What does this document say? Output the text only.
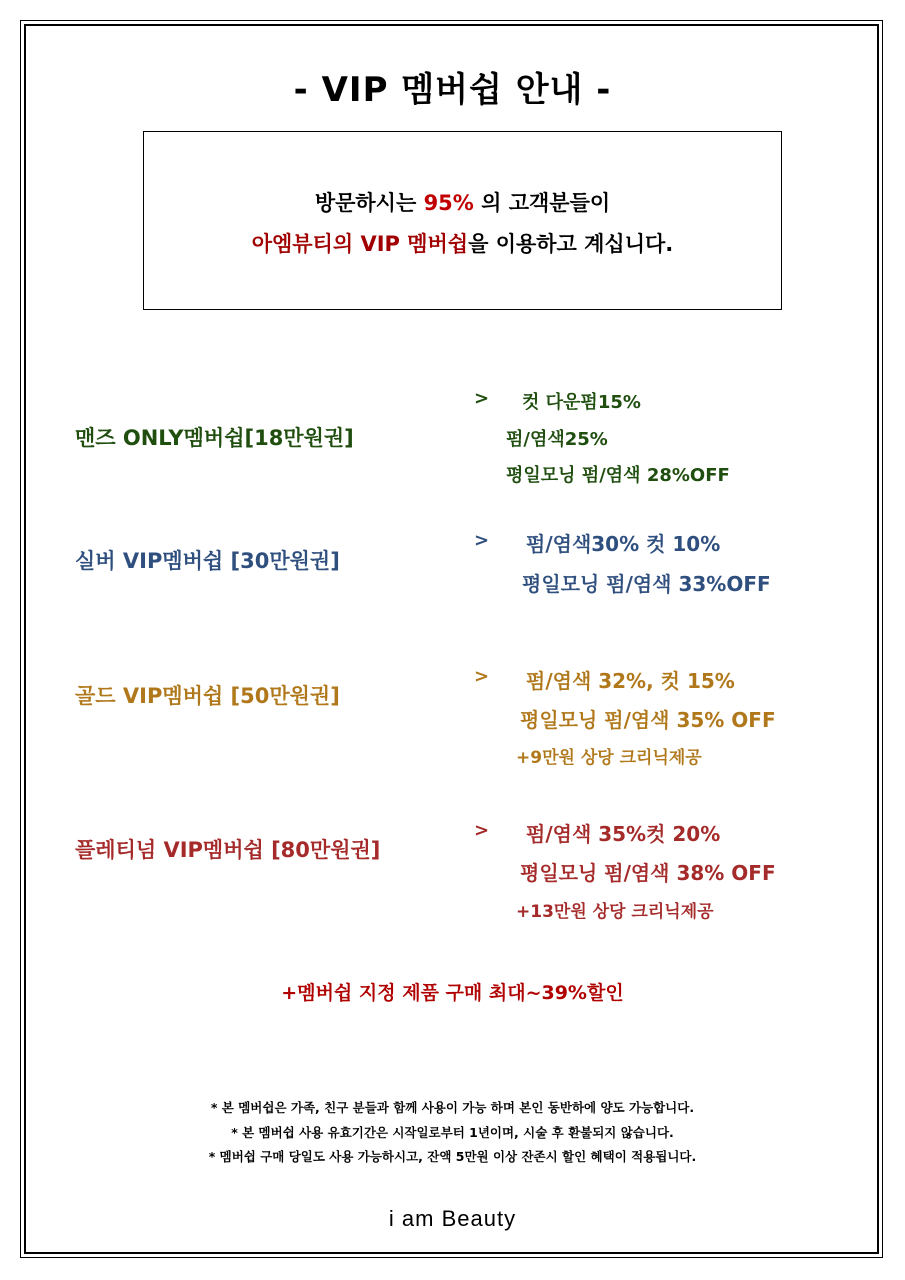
- VIP 멤버쉽 안내 -
방문하시는 95% 의 고객분들이
아엠뷰티의 VIP 멤버쉽을 이용하고 계십니다.
맨즈 ONLY멤버쉽[18만원권]
> 컷 다운펌15%
펌/염색25%
평일모닝 펌/염색 28%OFF
실버 VIP멤버쉽 [30만원권]
> 펌/염색30% 컷 10%
평일모닝 펌/염색 33%OFF
골드 VIP멤버쉽 [50만원권]
> 펌/염색 32%, 컷 15%
평일모닝 펌/염색 35% OFF
+9만원 상당 크리닉제공
플레티넘 VIP멤버쉽 [80만원권]
> 펌/염색 35%컷 20%
평일모닝 펌/염색 38% OFF
+13만원 상당 크리닉제공
+멤버쉽 지정 제품 구매 최대~39%할인
* 본 멤버쉽은 가족, 친구 분들과 함께 사용이 가능 하며 본인 동반하에 양도 가능합니다.
* 본 멤버쉽 사용 유효기간은 시작일로부터 1년이며, 시술 후 환불되지 않습니다.
* 멤버쉽 구매 당일도 사용 가능하시고, 잔액 5만원 이상 잔존시 할인 혜택이 적용됩니다.
i am Beauty
